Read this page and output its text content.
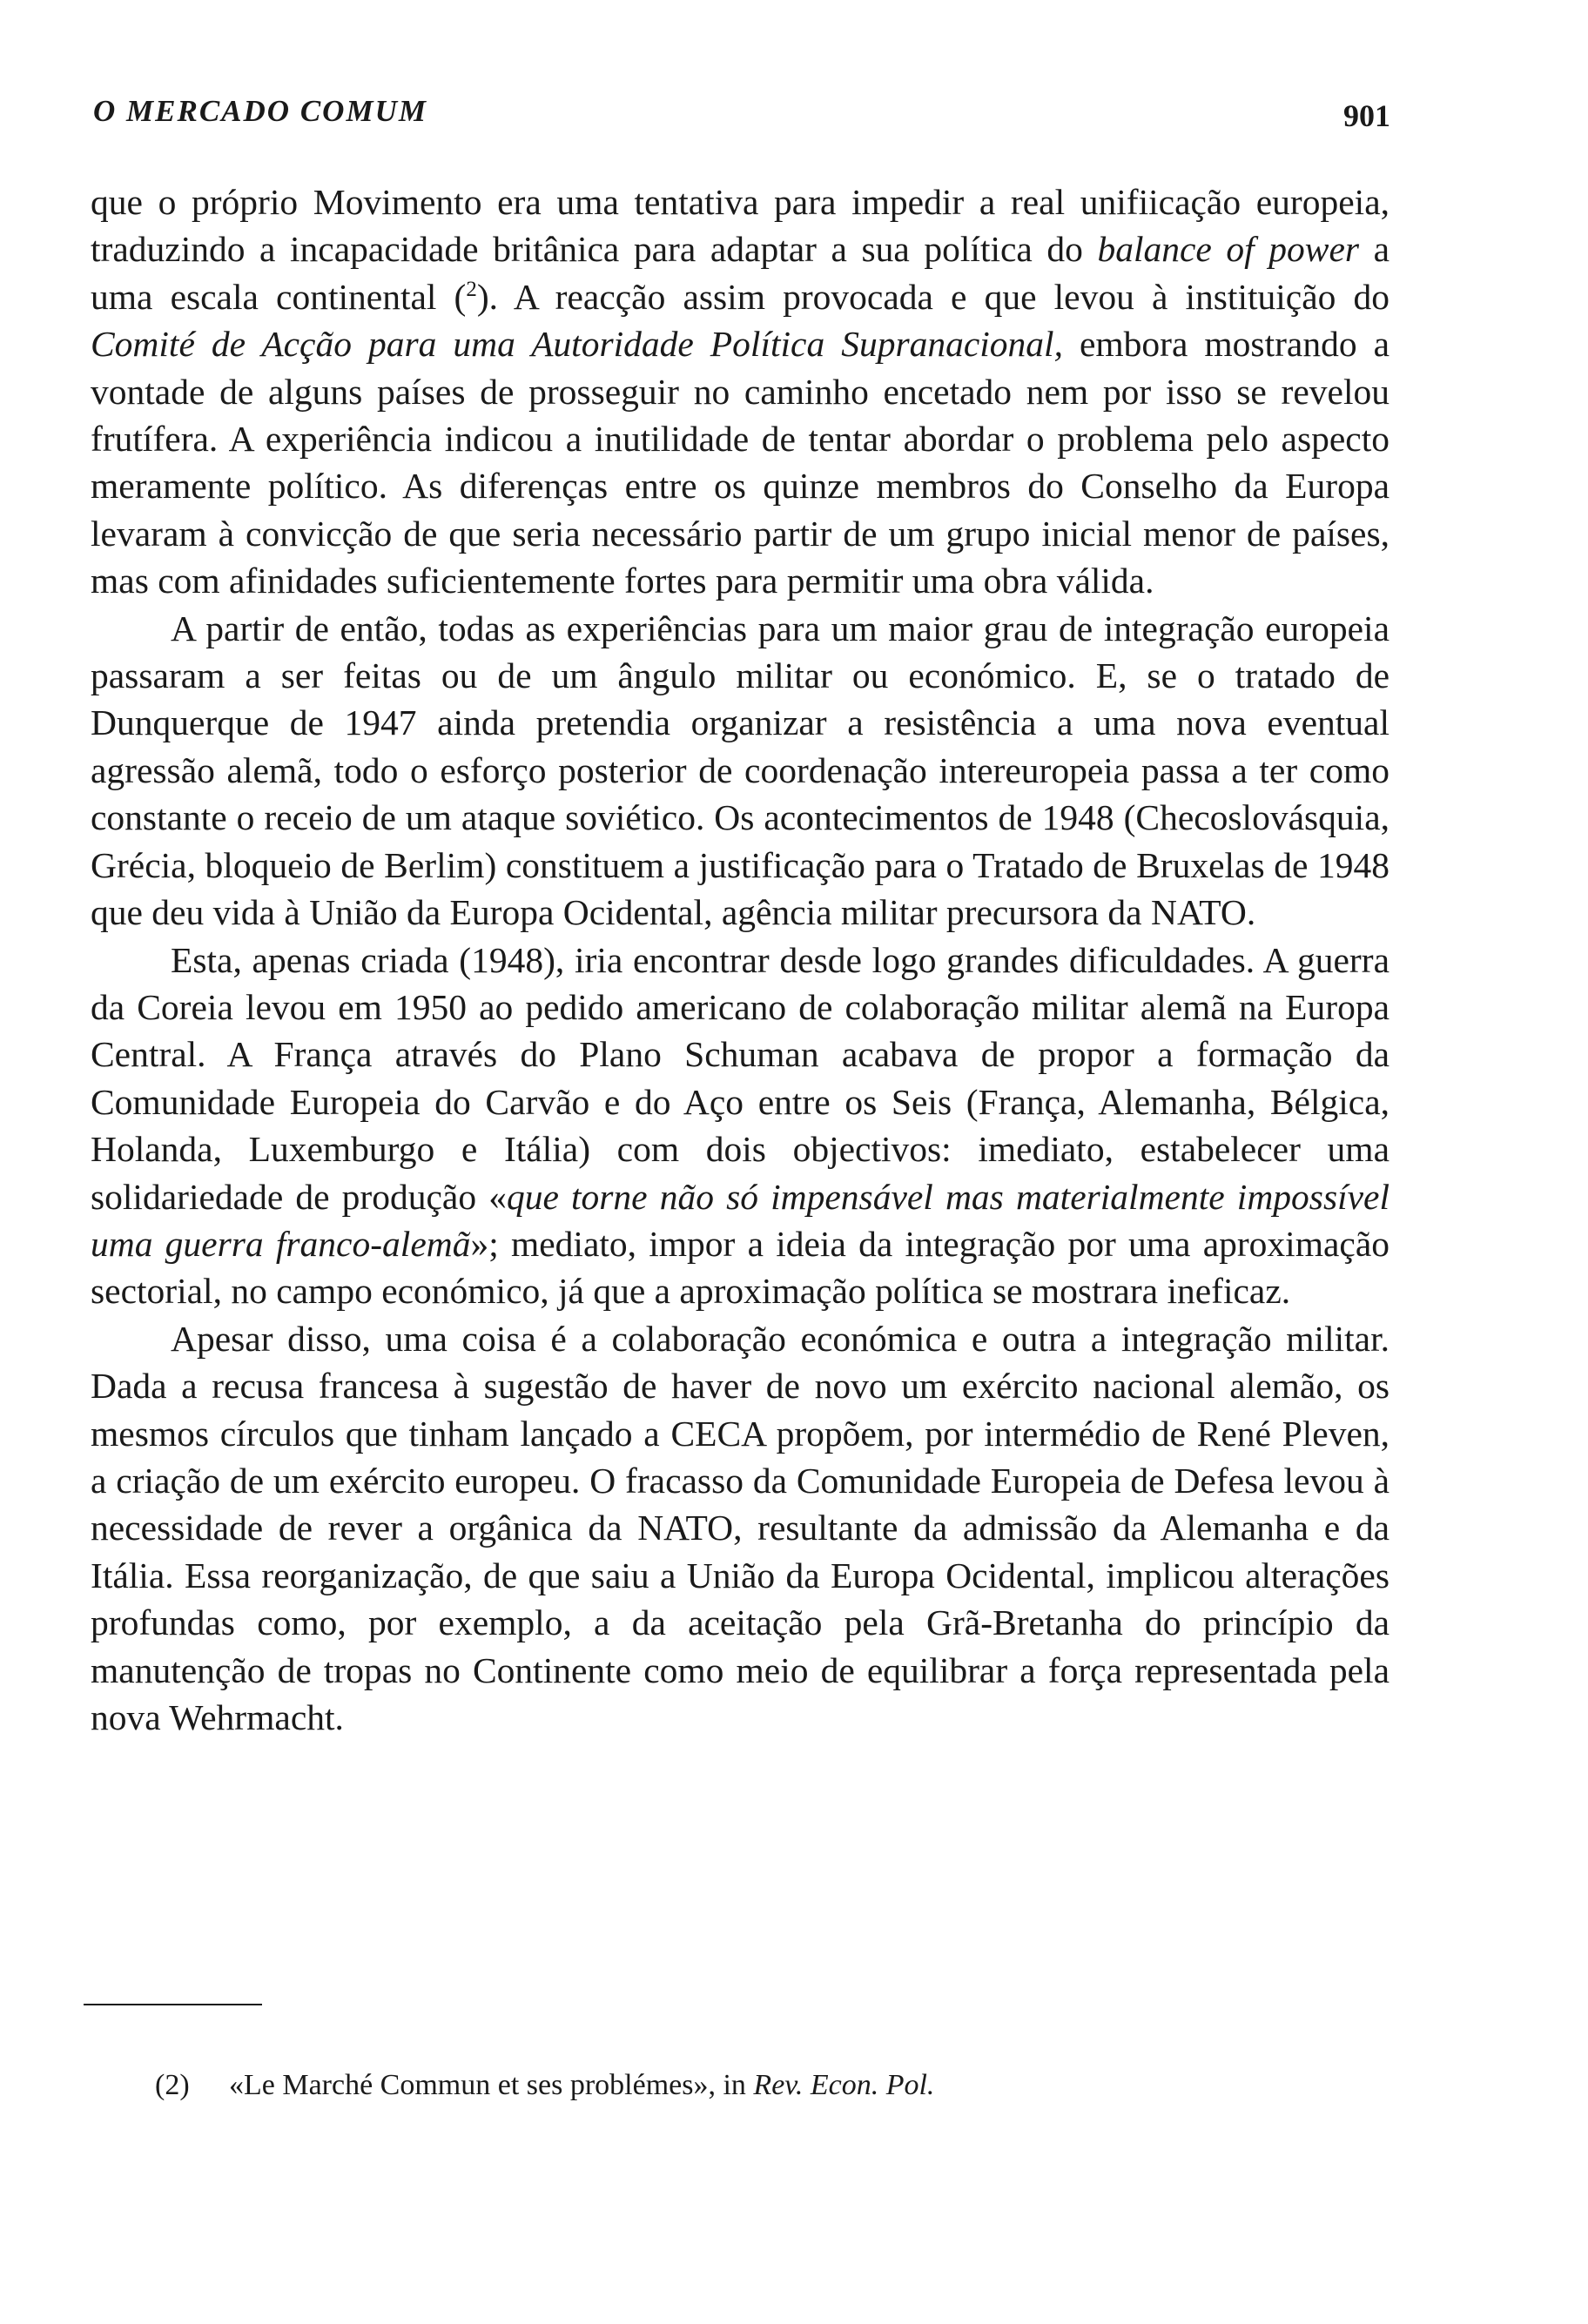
O MERCADO COMUM	901

que o próprio Movimento era uma tentativa para impedir a real unifiicação europeia, traduzindo a incapacidade britânica para adaptar a sua política do balance of power a uma escala continental ($^2$). A reacção assim provocada e que levou à instituição do Comité de Acção para uma Autoridade Política Supranacional, embora mostrando a vontade de alguns países de prosseguir no caminho encetado nem por isso se revelou frutífera. A experiência indicou a inutilidade de tentar abordar o problema pelo aspecto meramente político. As diferenças entre os quinze membros do Conselho da Europa levaram à convicção de que seria necessário partir de um grupo inicial menor de países, mas com afinidades suficientemente fortes para permitir uma obra válida.

A partir de então, todas as experiências para um maior grau de integração europeia passaram a ser feitas ou de um ângulo militar ou económico. E, se o tratado de Dunquerque de 1947 ainda pretendia organizar a resistência a uma nova eventual agressão alemã, todo o esforço posterior de coordenação intereuropeia passa a ter como constante o receio de um ataque soviético. Os acontecimentos de 1948 (Checoslovásquia, Grécia, bloqueio de Berlim) constituem a justificação para o Tratado de Bruxelas de 1948 que deu vida à União da Europa Ocidental, agência militar precursora da NATO.

Esta, apenas criada (1948), iria encontrar desde logo grandes dificuldades. A guerra da Coreia levou em 1950 ao pedido americano de colaboração militar alemã na Europa Central. A França através do Plano Schuman acabava de propor a formação da Comunidade Europeia do Carvão e do Aço entre os Seis (França, Alemanha, Bélgica, Holanda, Luxemburgo e Itália) com dois objectivos: imediato, estabelecer uma solidariedade de produção «que torne não só impensável mas materialmente impossível uma guerra franco-alemã»; mediato, impor a ideia da integração por uma aproximação sectorial, no campo económico, já que a aproximação política se mostrara ineficaz.

Apesar disso, uma coisa é a colaboração económica e outra a integração militar. Dada a recusa francesa à sugestão de haver de novo um exército nacional alemão, os mesmos círculos que tinham lançado a CECA propõem, por intermédio de René Pleven, a criação de um exército europeu. O fracasso da Comunidade Europeia de Defesa levou à necessidade de rever a orgânica da NATO, resultante da admissão da Alemanha e da Itália. Essa reorganização, de que saiu a União da Europa Ocidental, implicou alterações profundas como, por exemplo, a da aceitação pela Grã-Bretanha do princípio da manutenção de tropas no Continente como meio de equilibrar a força representada pela nova Wehrmacht.

(2) «Le Marché Commun et ses problémes», in Rev. Econ. Pol.
